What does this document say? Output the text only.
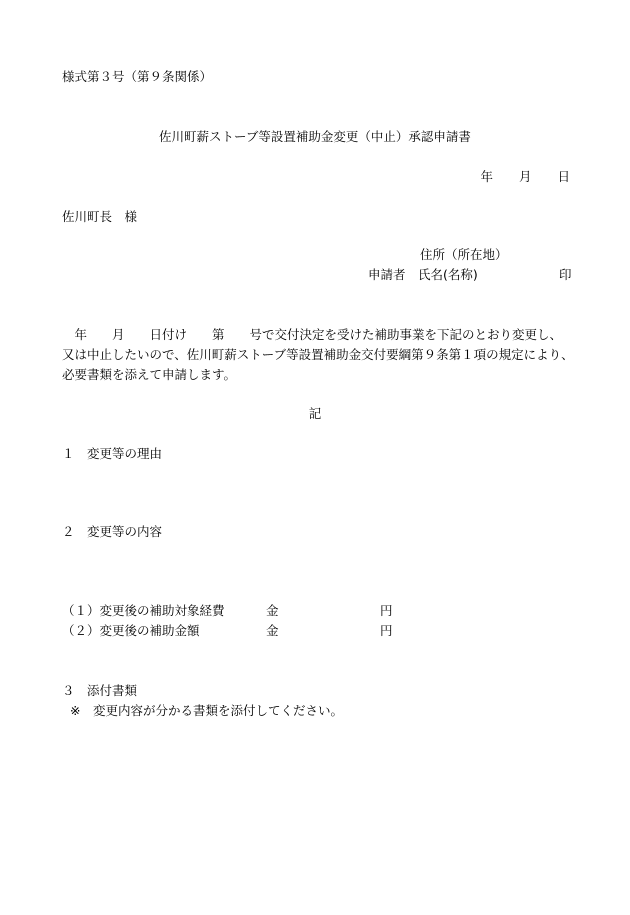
様式第３号（第９条関係）
佐川町薪ストーブ等設置補助金変更（中止）承認申請書
年 月 日
佐川町長　様
住所（所在地）
申請者 氏名(名称)	印
　年　　月　　日付け　　第　　号で交付決定を受けた補助事業を下記のとおり変更し、
又は中止したいので、佐川町薪ストーブ等設置補助金交付要綱第９条第１項の規定により、
必要書類を添えて申請します。
記
１　変更等の理由
２　変更等の内容
（１）変更後の補助対象経費	金	円
（２）変更後の補助金額	金	円
３　添付書類
※　変更内容が分かる書類を添付してください。
